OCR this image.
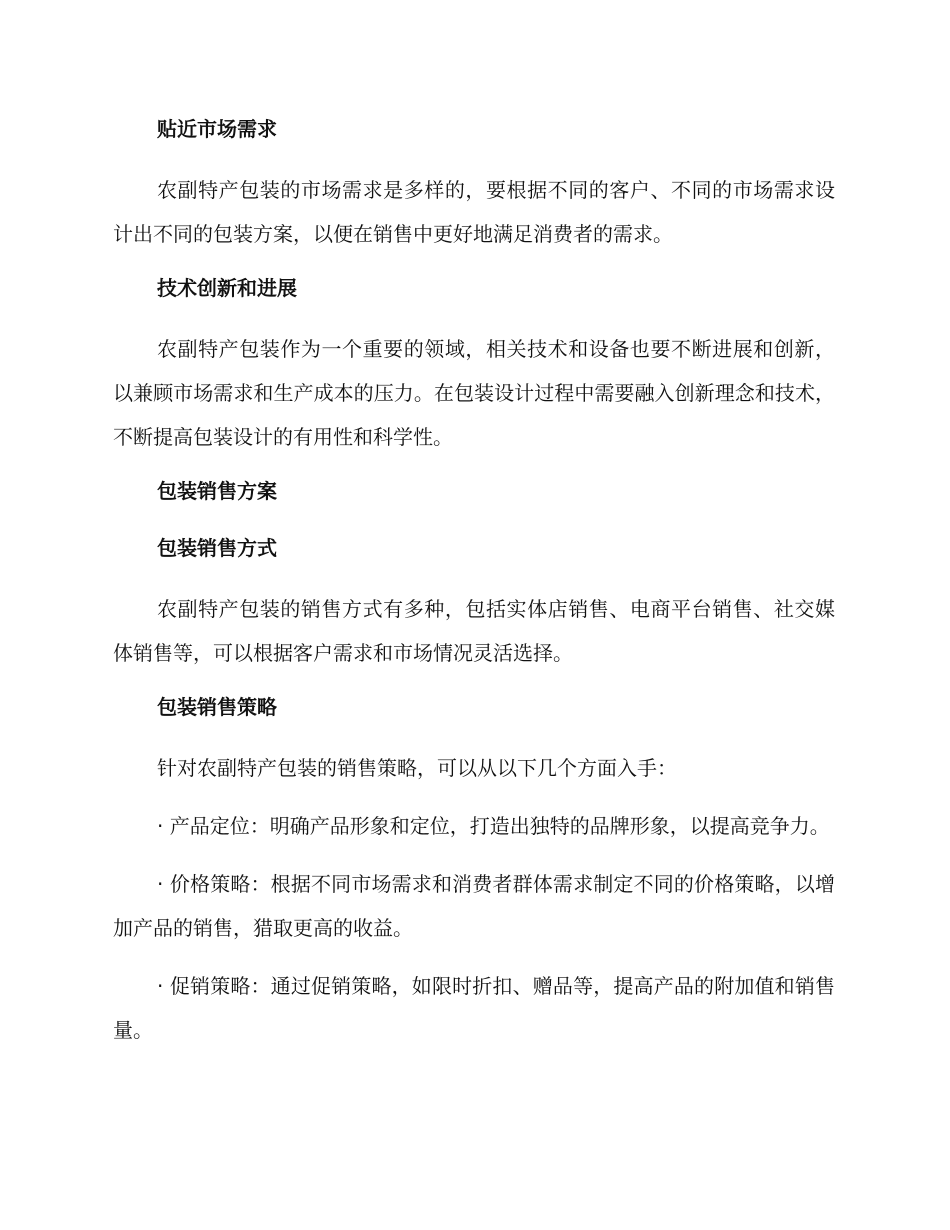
贴近市场需求
农副特产包装的市场需求是多样的，要根据不同的客户、不同的市场需求设计出不同的包装方案，以便在销售中更好地满足消费者的需求。
技术创新和进展
农副特产包装作为一个重要的领域，相关技术和设备也要不断进展和创新，以兼顾市场需求和生产成本的压力。在包装设计过程中需要融入创新理念和技术，不断提高包装设计的有用性和科学性。
包装销售方案
包装销售方式
农副特产包装的销售方式有多种，包括实体店销售、电商平台销售、社交媒体销售等，可以根据客户需求和市场情况灵活选择。
包装销售策略
针对农副特产包装的销售策略，可以从以下几个方面入手：
· 产品定位：明确产品形象和定位，打造出独特的品牌形象，以提高竞争力。
· 价格策略：根据不同市场需求和消费者群体需求制定不同的价格策略，以增加产品的销售，猎取更高的收益。
· 促销策略：通过促销策略，如限时折扣、赠品等，提高产品的附加值和销售量。
